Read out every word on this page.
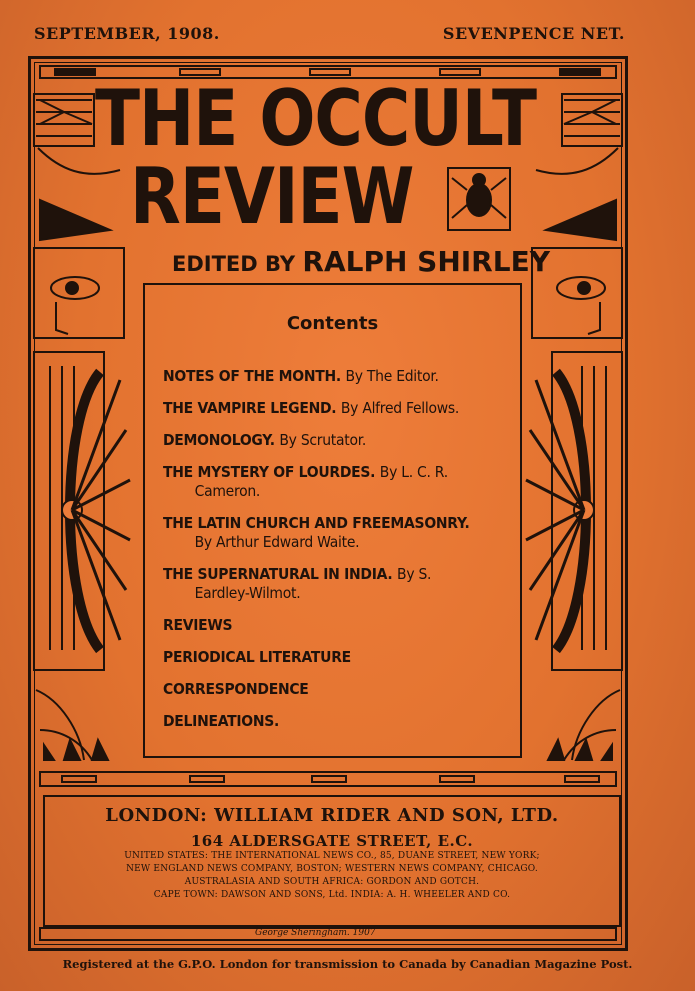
SEPTEMBER, 1908.	SEVENPENCE NET.
THE OCCULT
REVIEW
EDITED BY RALPH SHIRLEY
Contents
NOTES OF THE MONTH. By The Editor.
THE VAMPIRE LEGEND. By Alfred Fellows.
DEMONOLOGY. By Scrutator.
THE MYSTERY OF LOURDES. By L. C. R.
Cameron.
THE LATIN CHURCH AND FREEMASONRY.
By Arthur Edward Waite.
THE SUPERNATURAL IN INDIA. By S.
Eardley-Wilmot.
REVIEWS
PERIODICAL LITERATURE
CORRESPONDENCE
DELINEATIONS.
LONDON: WILLIAM RIDER AND SON, LTD.
164 ALDERSGATE STREET, E.C.
UNITED STATES: THE INTERNATIONAL NEWS CO., 85, DUANE STREET, NEW YORK;
NEW ENGLAND NEWS COMPANY, BOSTON; WESTERN NEWS COMPANY, CHICAGO.
AUSTRALASIA AND SOUTH AFRICA: GORDON AND GOTCH.
CAPE TOWN: DAWSON AND SONS, Ltd. INDIA: A. H. WHEELER AND CO.
George Sheringham. 1907
Registered at the G.P.O. London for transmission to Canada by Canadian Magazine Post.
